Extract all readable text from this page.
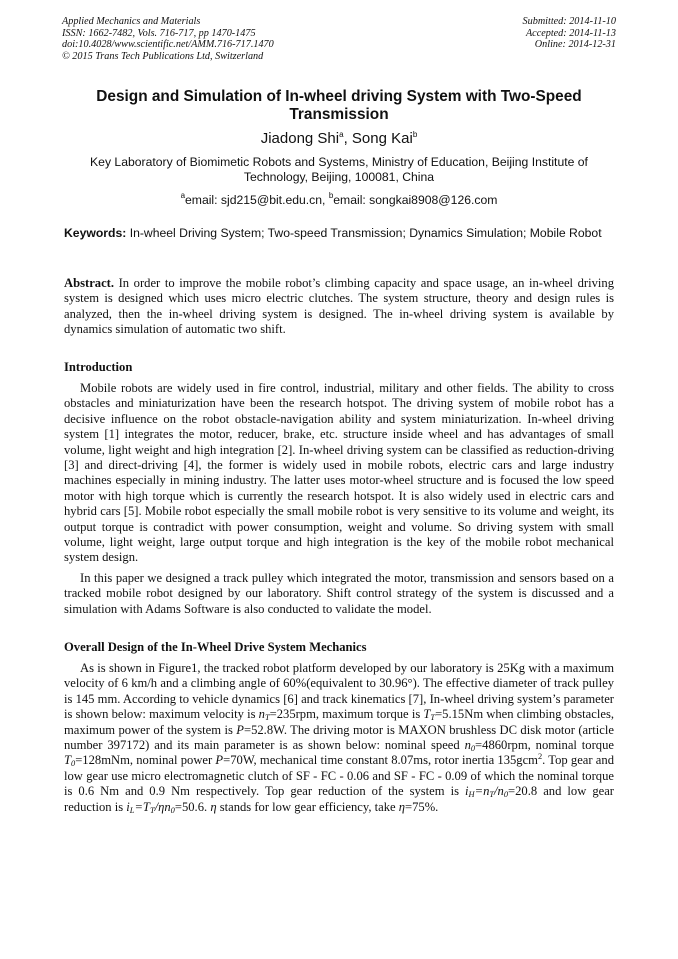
Applied Mechanics and Materials
ISSN: 1662-7482, Vols. 716-717, pp 1470-1475
doi:10.4028/www.scientific.net/AMM.716-717.1470
© 2015 Trans Tech Publications Ltd, Switzerland
Submitted: 2014-11-10
Accepted: 2014-11-13
Online: 2014-12-31
Design and Simulation of In-wheel driving System with Two-Speed Transmission
Jiadong Shi$^a$, Song Kai$^b$
Key Laboratory of Biomimetic Robots and Systems, Ministry of Education, Beijing Institute of Technology, Beijing, 100081, China
$^a$email: sjd215@bit.edu.cn, $^b$email: songkai8908@126.com
Keywords: In-wheel Driving System; Two-speed Transmission; Dynamics Simulation; Mobile Robot
Abstract. In order to improve the mobile robot’s climbing capacity and space usage, an in-wheel driving system is designed which uses micro electric clutches. The system structure, theory and design rules is analyzed, then the in-wheel driving system is designed. The in-wheel driving system is available by dynamics simulation of automatic two shift.
Introduction
Mobile robots are widely used in fire control, industrial, military and other fields. The ability to cross obstacles and miniaturization have been the research hotspot. The driving system of mobile robot has a decisive influence on the robot obstacle-navigation ability and system miniaturization. In-wheel driving system [1] integrates the motor, reducer, brake, etc. structure inside wheel and has advantages of small volume, light weight and high integration [2]. In-wheel driving system can be classified as reduction-driving [3] and direct-driving [4], the former is widely used in mobile robots, electric cars and large industry machines especially in mining industry. The latter uses motor-wheel structure and is focused the low speed motor with high torque which is currently the research hotspot. It is also widely used in electric cars and hybrid cars [5]. Mobile robot especially the small mobile robot is very sensitive to its volume and weight, its output torque is contradict with power consumption, weight and volume. So driving system with small volume, light weight, large output torque and high integration is the key of the mobile robot mechanical system design.
In this paper we designed a track pulley which integrated the motor, transmission and sensors based on a tracked mobile robot designed by our laboratory. Shift control strategy of the system is discussed and a simulation with Adams Software is also conducted to validate the model.
Overall Design of the In-Wheel Drive System Mechanics
As is shown in Figure1, the tracked robot platform developed by our laboratory is 25Kg with a maximum velocity of 6 km/h and a climbing angle of 60%(equivalent to 30.96°). The effective diameter of track pulley is 145 mm. According to vehicle dynamics [6] and track kinematics [7], In-wheel driving system’s parameter is shown below: maximum velocity is $n_T=235rpm$, maximum torque is $T_T=5.15Nm$ when climbing obstacles, maximum power of the system is P=52.8W. The driving motor is MAXON brushless DC disk motor (article number 397172) and its main parameter is as shown below: nominal speed $n_0=4860rpm$, nominal torque $T_0=128mNm$, nominal power P=70W, mechanical time constant 8.07ms, rotor inertia 135gcm$^2$. Top gear and low gear use micro electromagnetic clutch of SF - FC - 0.06 and SF - FC - 0.09 of which the nominal torque is 0.6 Nm and 0.9 Nm respectively. Top gear reduction of the system is $i_H=n_T/n_0=20.8$ and low gear reduction is $i_L=T_T/\eta n_0=50.6$. η stands for low gear efficiency, take η=75%.
